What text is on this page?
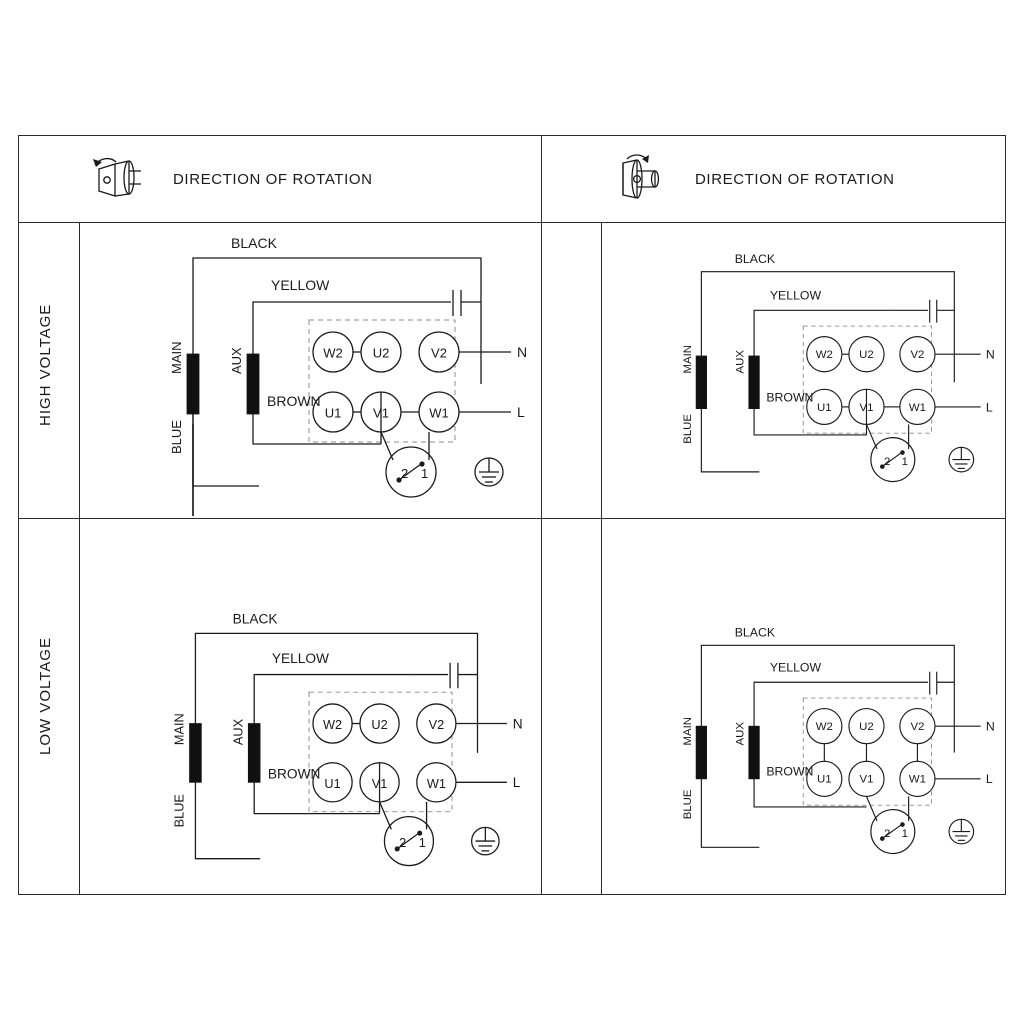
DIRECTION OF ROTATION	DIRECTION OF ROTATION
HIGH VOLTAGE
LOW VOLTAGE
W2 U2	V2
U1 V1	W1
N
L
2 1
BLACK
YELLOW
BROWN
MAIN	AUX
BLUE
W2 U2	V2
U1 V1	W1
N
L
2 1
BLACK
YELLOW
BROWN
MAIN	AUX
BLUE
W2 U2	V2
U1 V1	W1
N
L
2 1
BLACK
YELLOW
BROWN
MAIN	AUX
BLUE
W2 U2	V2
U1 V1	W1
N
L
2 1
BLACK
YELLOW
BROWN
MAIN	AUX
BLUE
